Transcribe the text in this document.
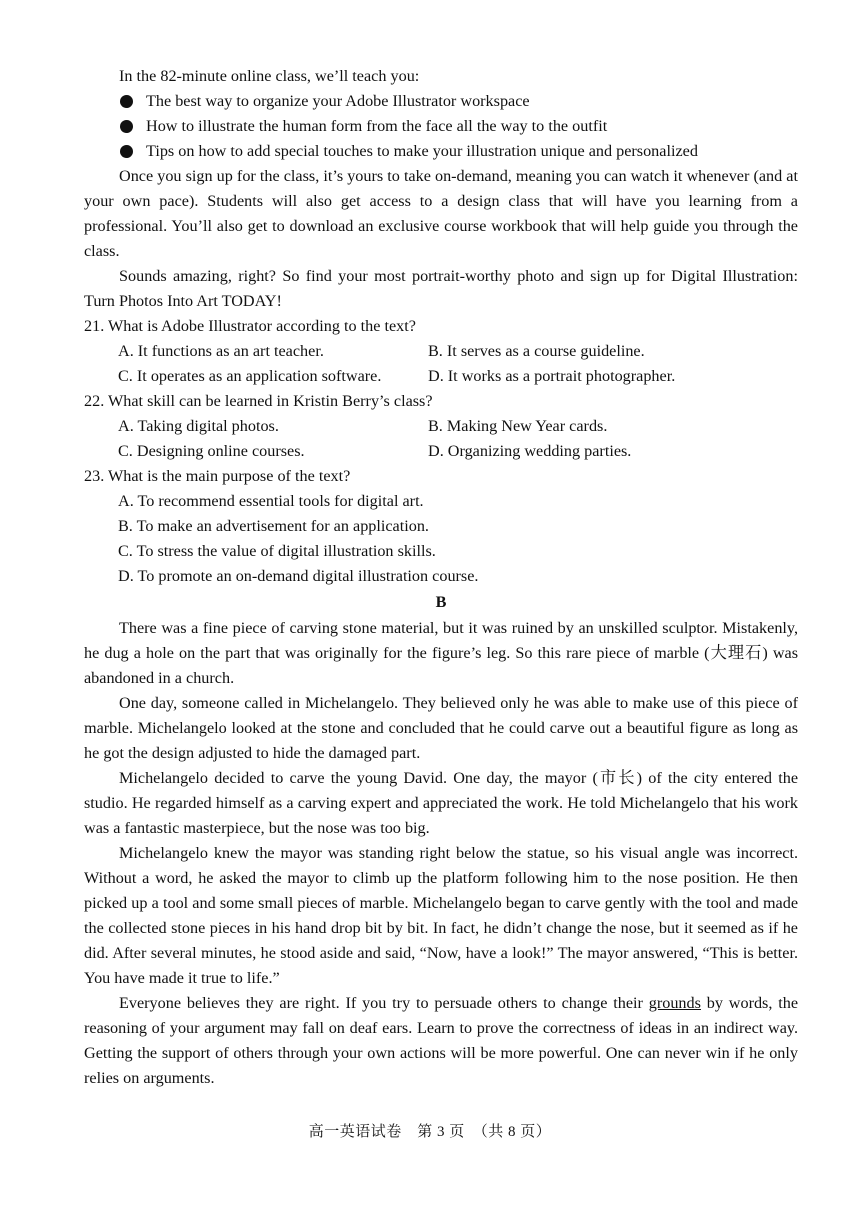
In the 82-minute online class, we’ll teach you:

The best way to organize your Adobe Illustrator workspace
How to illustrate the human form from the face all the way to the outfit
Tips on how to add special touches to make your illustration unique and personalized

Once you sign up for the class, it’s yours to take on-demand, meaning you can watch it whenever (and at your own pace). Students will also get access to a design class that will have you learning from a professional. You’ll also get to download an exclusive course workbook that will help guide you through the class.

Sounds amazing, right? So find your most portrait-worthy photo and sign up for Digital Illustration: Turn Photos Into Art TODAY!

21. What is Adobe Illustrator according to the text?
A. It functions as an art teacher.	B. It serves as a course guideline.
C. It operates as an application software.	D. It works as a portrait photographer.
22. What skill can be learned in Kristin Berry’s class?
A. Taking digital photos.	B. Making New Year cards.
C. Designing online courses.	D. Organizing wedding parties.
23. What is the main purpose of the text?
A. To recommend essential tools for digital art.
B. To make an advertisement for an application.
C. To stress the value of digital illustration skills.
D. To promote an on-demand digital illustration course.
B

There was a fine piece of carving stone material, but it was ruined by an unskilled sculptor. Mistakenly, he dug a hole on the part that was originally for the figure’s leg. So this rare piece of marble (大理石) was abandoned in a church.

One day, someone called in Michelangelo. They believed only he was able to make use of this piece of marble. Michelangelo looked at the stone and concluded that he could carve out a beautiful figure as long as he got the design adjusted to hide the damaged part.

Michelangelo decided to carve the young David. One day, the mayor (市长) of the city entered the studio. He regarded himself as a carving expert and appreciated the work. He told Michelangelo that his work was a fantastic masterpiece, but the nose was too big.

Michelangelo knew the mayor was standing right below the statue, so his visual angle was incorrect. Without a word, he asked the mayor to climb up the platform following him to the nose position. He then picked up a tool and some small pieces of marble. Michelangelo began to carve gently with the tool and made the collected stone pieces in his hand drop bit by bit. In fact, he didn’t change the nose, but it seemed as if he did. After several minutes, he stood aside and said, “Now, have a look!” The mayor answered, “This is better. You have made it true to life.”

Everyone believes they are right. If you try to persuade others to change their grounds by words, the reasoning of your argument may fall on deaf ears. Learn to prove the correctness of ideas in an indirect way. Getting the support of others through your own actions will be more powerful. One can never win if he only relies on arguments.

高一英语试卷　第 3 页　（共 8 页）
